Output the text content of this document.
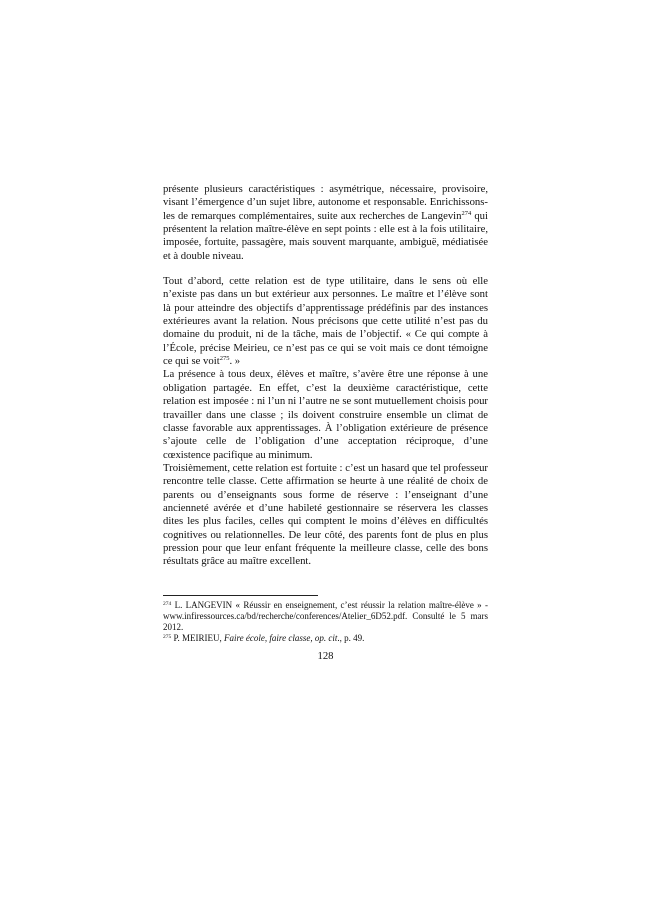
présente plusieurs caractéristiques : asymétrique, nécessaire, provisoire, visant l’émergence d’un sujet libre, autonome et responsable. Enrichissons-les de remarques complémentaires, suite aux recherches de Langevin$^{274}$ qui présentent la relation maître-élève en sept points : elle est à la fois utilitaire, imposée, fortuite, passagère, mais souvent marquante, ambiguë, médiatisée et à double niveau.

Tout d’abord, cette relation est de type utilitaire, dans le sens où elle n’existe pas dans un but extérieur aux personnes. Le maître et l’élève sont là pour atteindre des objectifs d’apprentissage prédéfinis par des instances extérieures avant la relation. Nous précisons que cette utilité n’est pas du domaine du produit, ni de la tâche, mais de l’objectif. « Ce qui compte à l’École, précise Meirieu, ce n’est pas ce qui se voit mais ce dont témoigne ce qui se voit$^{275}$. »

La présence à tous deux, élèves et maître, s’avère être une réponse à une obligation partagée. En effet, c’est la deuxième caractéristique, cette relation est imposée : ni l’un ni l’autre ne se sont mutuellement choisis pour travailler dans une classe ; ils doivent construire ensemble un climat de classe favorable aux apprentissages. À l’obligation extérieure de présence s’ajoute celle de l’obligation d’une acceptation réciproque, d’une cœxistence pacifique au minimum.

Troisièmement, cette relation est fortuite : c’est un hasard que tel professeur rencontre telle classe. Cette affirmation se heurte à une réalité de choix de parents ou d’enseignants sous forme de réserve : l’enseignant d’une ancienneté avérée et d’une habileté gestionnaire se réservera les classes dites les plus faciles, celles qui comptent le moins d’élèves en difficultés cognitives ou relationnelles. De leur côté, des parents font de plus en plus pression pour que leur enfant fréquente la meilleure classe, celle des bons résultats grâce au maître excellent.

$^{274}$ L. LANGEVIN « Réussir en enseignement, c’est réussir la relation maître-élève » - www.infiressources.ca/bd/recherche/conferences/Atelier_6D52.pdf. Consulté le 5 mars 2012.

$^{275}$ P. MEIRIEU, Faire école, faire classe, op. cit., p. 49.

128
